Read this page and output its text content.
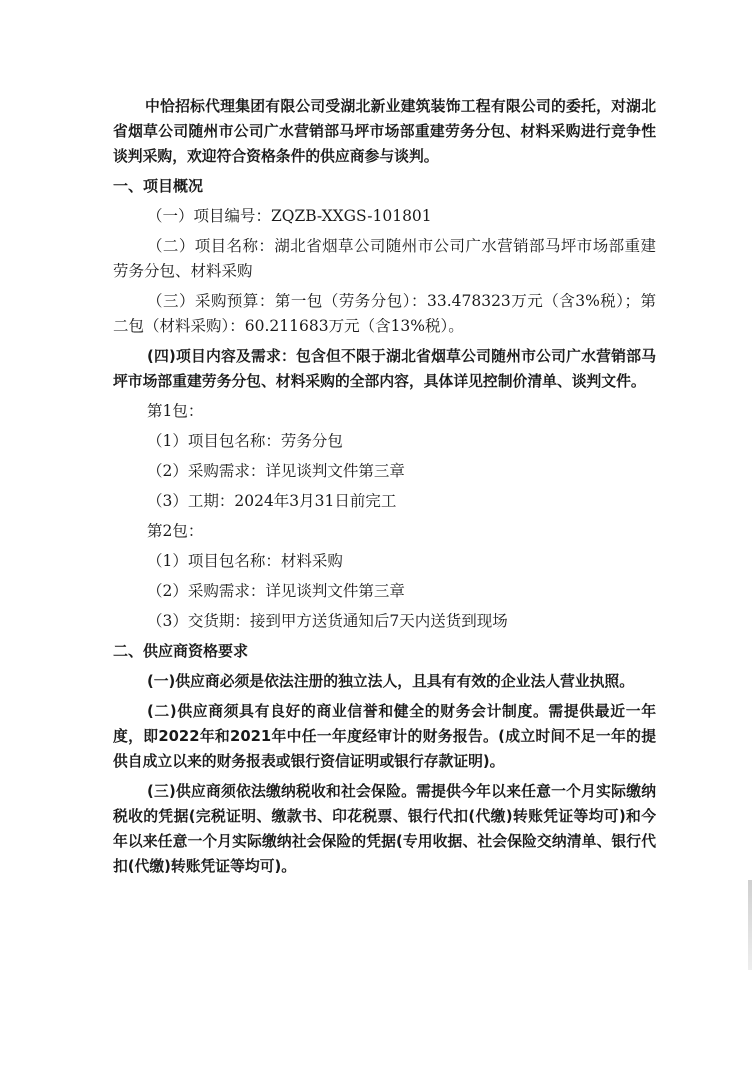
中恰招标代理集团有限公司受湖北新业建筑装饰工程有限公司的委托，对湖北省烟草公司随州市公司广水营销部马坪市场部重建劳务分包、材料采购进行竞争性谈判采购，欢迎符合资格条件的供应商参与谈判。

一、项目概况

（一）项目编号：ZQZB-XXGS-101801

（二）项目名称：湖北省烟草公司随州市公司广水营销部马坪市场部重建劳务分包、材料采购

（三）采购预算：第一包（劳务分包）：33.478323万元（含3%税）；第二包（材料采购）：60.211683万元（含13%税）。

(四)项目内容及需求：包含但不限于湖北省烟草公司随州市公司广水营销部马坪市场部重建劳务分包、材料采购的全部内容，具体详见控制价清单、谈判文件。

第1包：

（1）项目包名称：劳务分包

（2）采购需求：详见谈判文件第三章

（3）工期：2024年3月31日前完工

第2包：

（1）项目包名称：材料采购

（2）采购需求：详见谈判文件第三章

（3）交货期：接到甲方送货通知后7天内送货到现场

二、供应商资格要求

(一)供应商必须是依法注册的独立法人，且具有有效的企业法人营业执照。

(二)供应商须具有良好的商业信誉和健全的财务会计制度。需提供最近一年度，即2022年和2021年中任一年度经审计的财务报告。(成立时间不足一年的提供自成立以来的财务报表或银行资信证明或银行存款证明)。

(三)供应商须依法缴纳税收和社会保险。需提供今年以来任意一个月实际缴纳税收的凭据(完税证明、缴款书、印花税票、银行代扣(代缴)转账凭证等均可)和今年以来任意一个月实际缴纳社会保险的凭据(专用收据、社会保险交纳清单、银行代扣(代缴)转账凭证等均可)。
